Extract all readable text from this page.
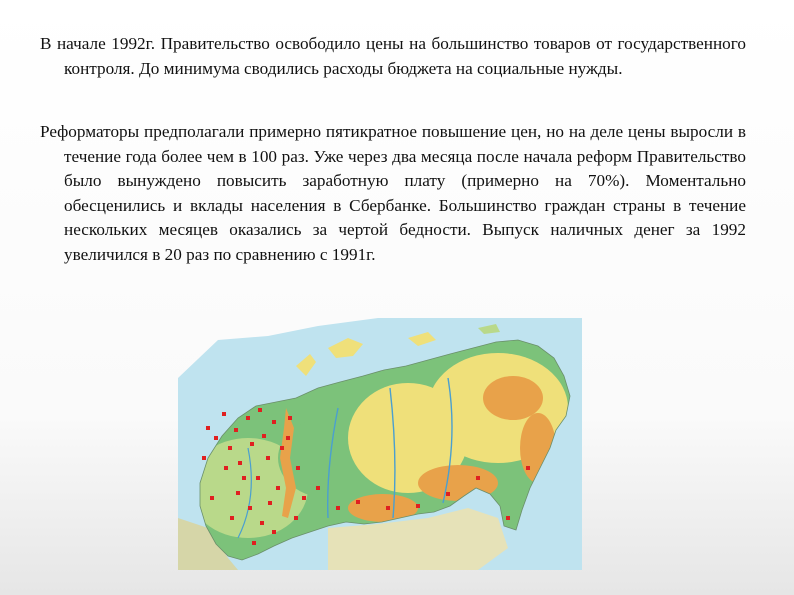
В начале 1992г. Правительство освободило цены на большинство товаров от государственного контроля. До минимума сводились расходы бюджета на социальные нужды.

Реформаторы предполагали примерно пятикратное повышение цен, но на деле цены выросли в течение года более чем в 100 раз. Уже через два месяца после начала реформ Правительство было вынуждено повысить заработную плату (примерно на 70%). Моментально обесценились и вклады населения в Сбербанке. Большинство граждан страны в течение нескольких месяцев оказались за чертой бедности. Выпуск наличных денег за 1992 увеличился в 20 раз по сравнению с 1991г.
